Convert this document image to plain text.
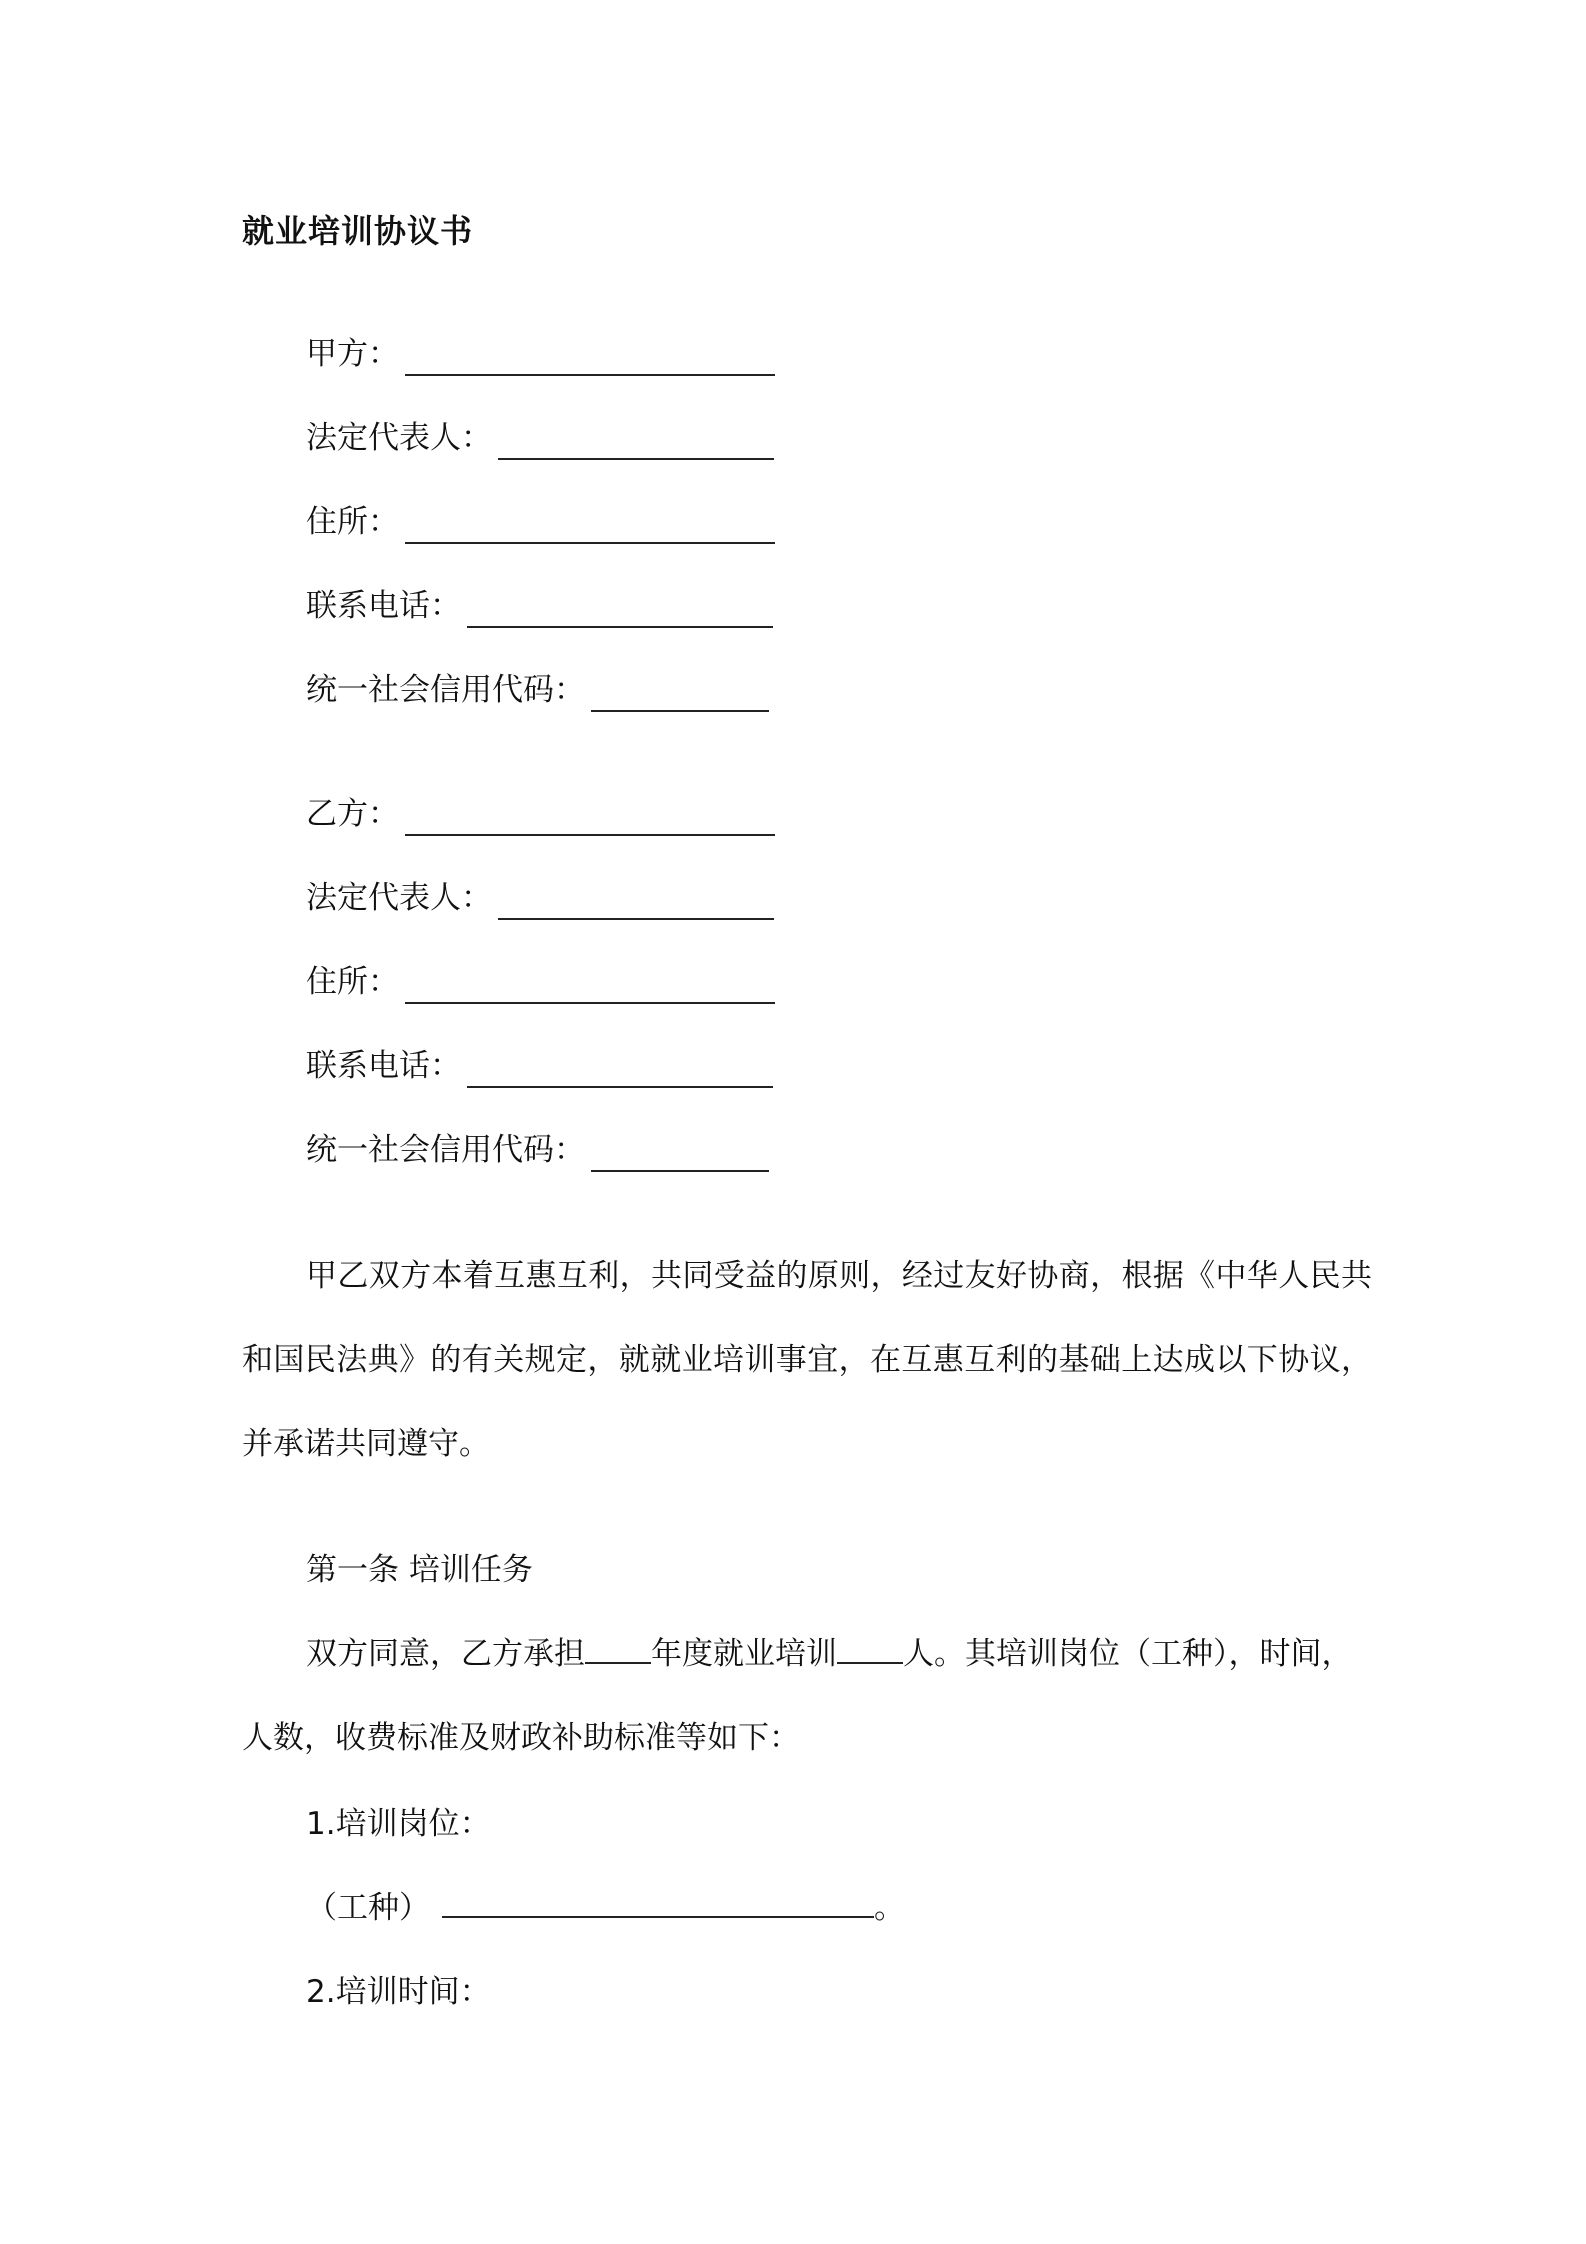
就业培训协议书
甲方：
法定代表人：
住所：
联系电话：
统一社会信用代码：
乙方：
法定代表人：
住所：
联系电话：
统一社会信用代码：

甲乙双方本着互惠互利，共同受益的原则，经过友好协商，根据《中华人民共和国民法典》的有关规定，就就业培训事宜，在互惠互利的基础上达成以下协议，并承诺共同遵守。

第一条 培训任务
双方同意，乙方承担 年度就业培训 人。其培训岗位（工种），时间，
人数，收费标准及财政补助标准等如下：
1.培训岗位：
（工种）	。
2.培训时间：
